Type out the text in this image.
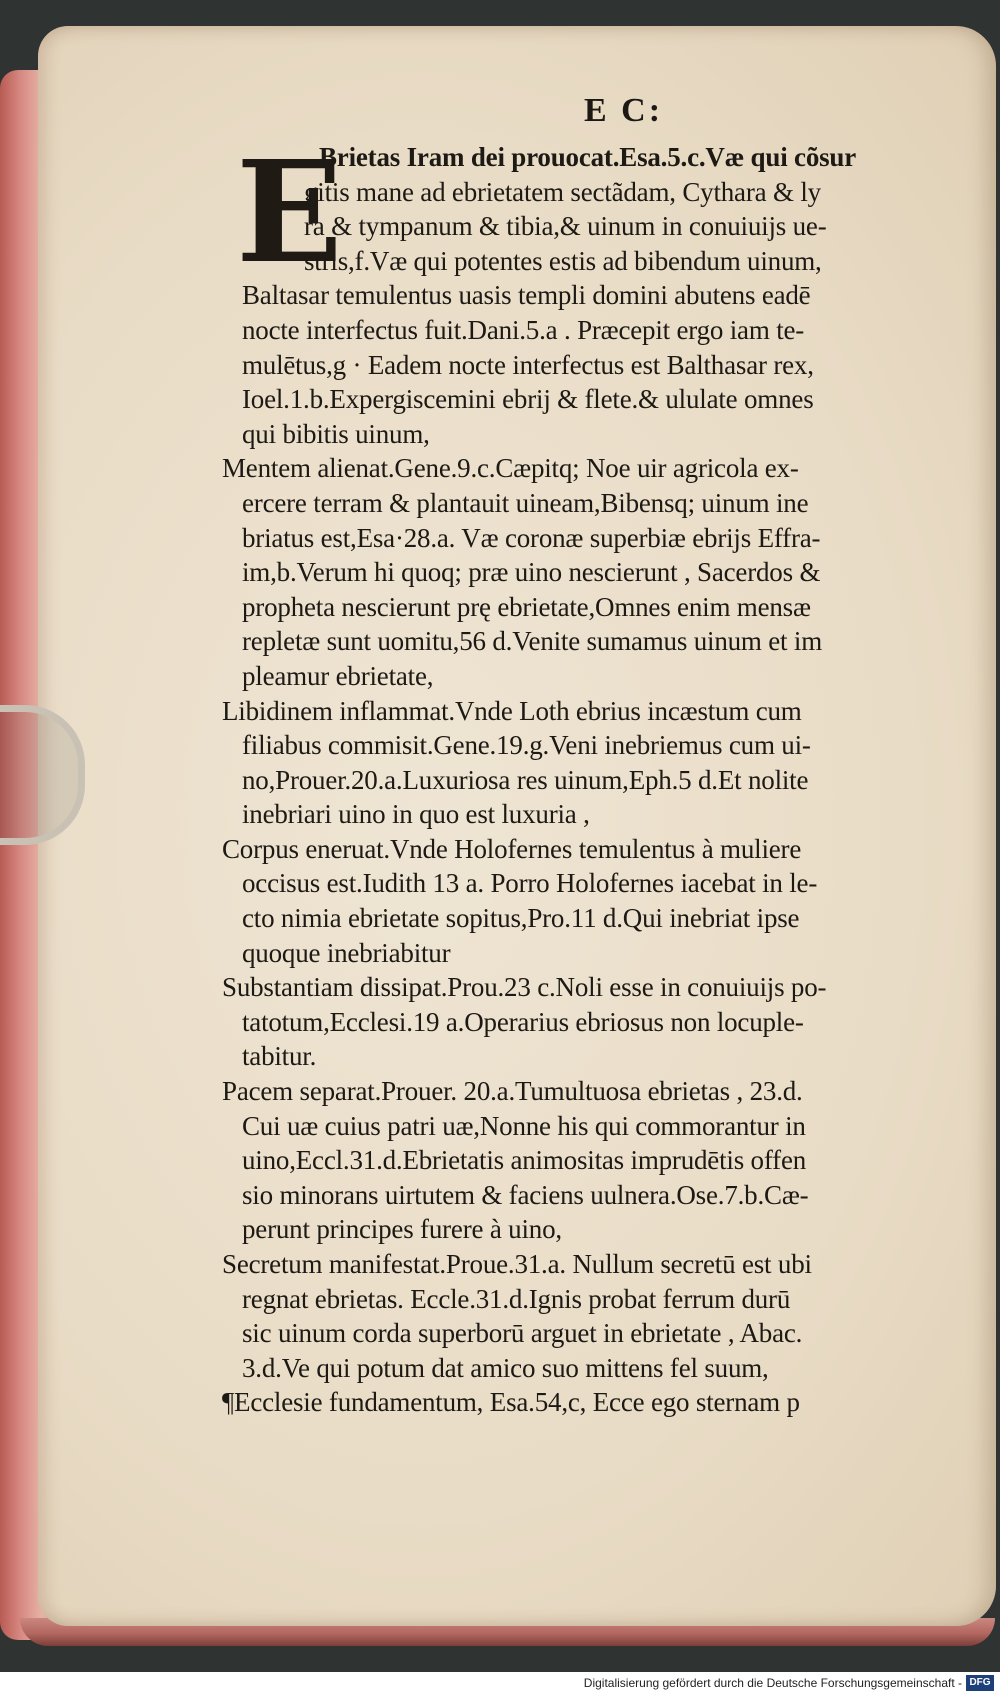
E C:
E
Brietas Iram dei prouocat.Esa.5.c.Væ qui cõsur
gitis mane ad ebrietatem sectãdam, Cythara & ly
ra & tympanum & tibia,& uinum in conuiuijs ue-
stris,f.Væ qui potentes estis ad bibendum uinum,
Baltasar temulentus uasis templi domini abutens eadē
nocte interfectus fuit.Dani.5.a . Præcepit ergo iam te-
mulētus,g · Eadem nocte interfectus est Balthasar rex,
Ioel.1.b.Expergiscemini ebrij & flete.& ululate omnes
qui bibitis uinum,
Mentem alienat.Gene.9.c.Cæpitq; Noe uir agricola ex-
ercere terram & plantauit uineam,Bibensq; uinum ine
briatus est,Esa·28.a. Væ coronæ superbiæ ebrijs Effra-
im,b.Verum hi quoq; præ uino nescierunt , Sacerdos &
propheta nescierunt prę ebrietate,Omnes enim mensæ
repletæ sunt uomitu,56 d.Venite sumamus uinum et im
pleamur ebrietate,
Libidinem inflammat.Vnde Loth ebrius incæstum cum
filiabus commisit.Gene.19.g.Veni inebriemus cum ui-
no,Prouer.20.a.Luxuriosa res uinum,Eph.5 d.Et nolite
inebriari uino in quo est luxuria ,
Corpus eneruat.Vnde Holofernes temulentus à muliere
occisus est.Iudith 13 a. Porro Holofernes iacebat in le-
cto nimia ebrietate sopitus,Pro.11 d.Qui inebriat ipse
quoque inebriabitur
Substantiam dissipat.Prou.23 c.Noli esse in conuiuijs po-
tatotum,Ecclesi.19 a.Operarius ebriosus non locuple-
tabitur.
Pacem separat.Prouer. 20.a.Tumultuosa ebrietas , 23.d.
Cui uæ cuius patri uæ,Nonne his qui commorantur in
uino,Eccl.31.d.Ebrietatis animositas imprudētis offen
sio minorans uirtutem & faciens uulnera.Ose.7.b.Cæ-
perunt principes furere à uino,
Secretum manifestat.Proue.31.a. Nullum secretū est ubi
regnat ebrietas. Eccle.31.d.Ignis probat ferrum durū
sic uinum corda superborū arguet in ebrietate , Abac.
3.d.Ve qui potum dat amico suo mittens fel suum,
¶Ecclesie fundamentum, Esa.54,c, Ecce ego sternam p
Digitalisierung gefördert durch die Deutsche Forschungsgemeinschaft - DFG
